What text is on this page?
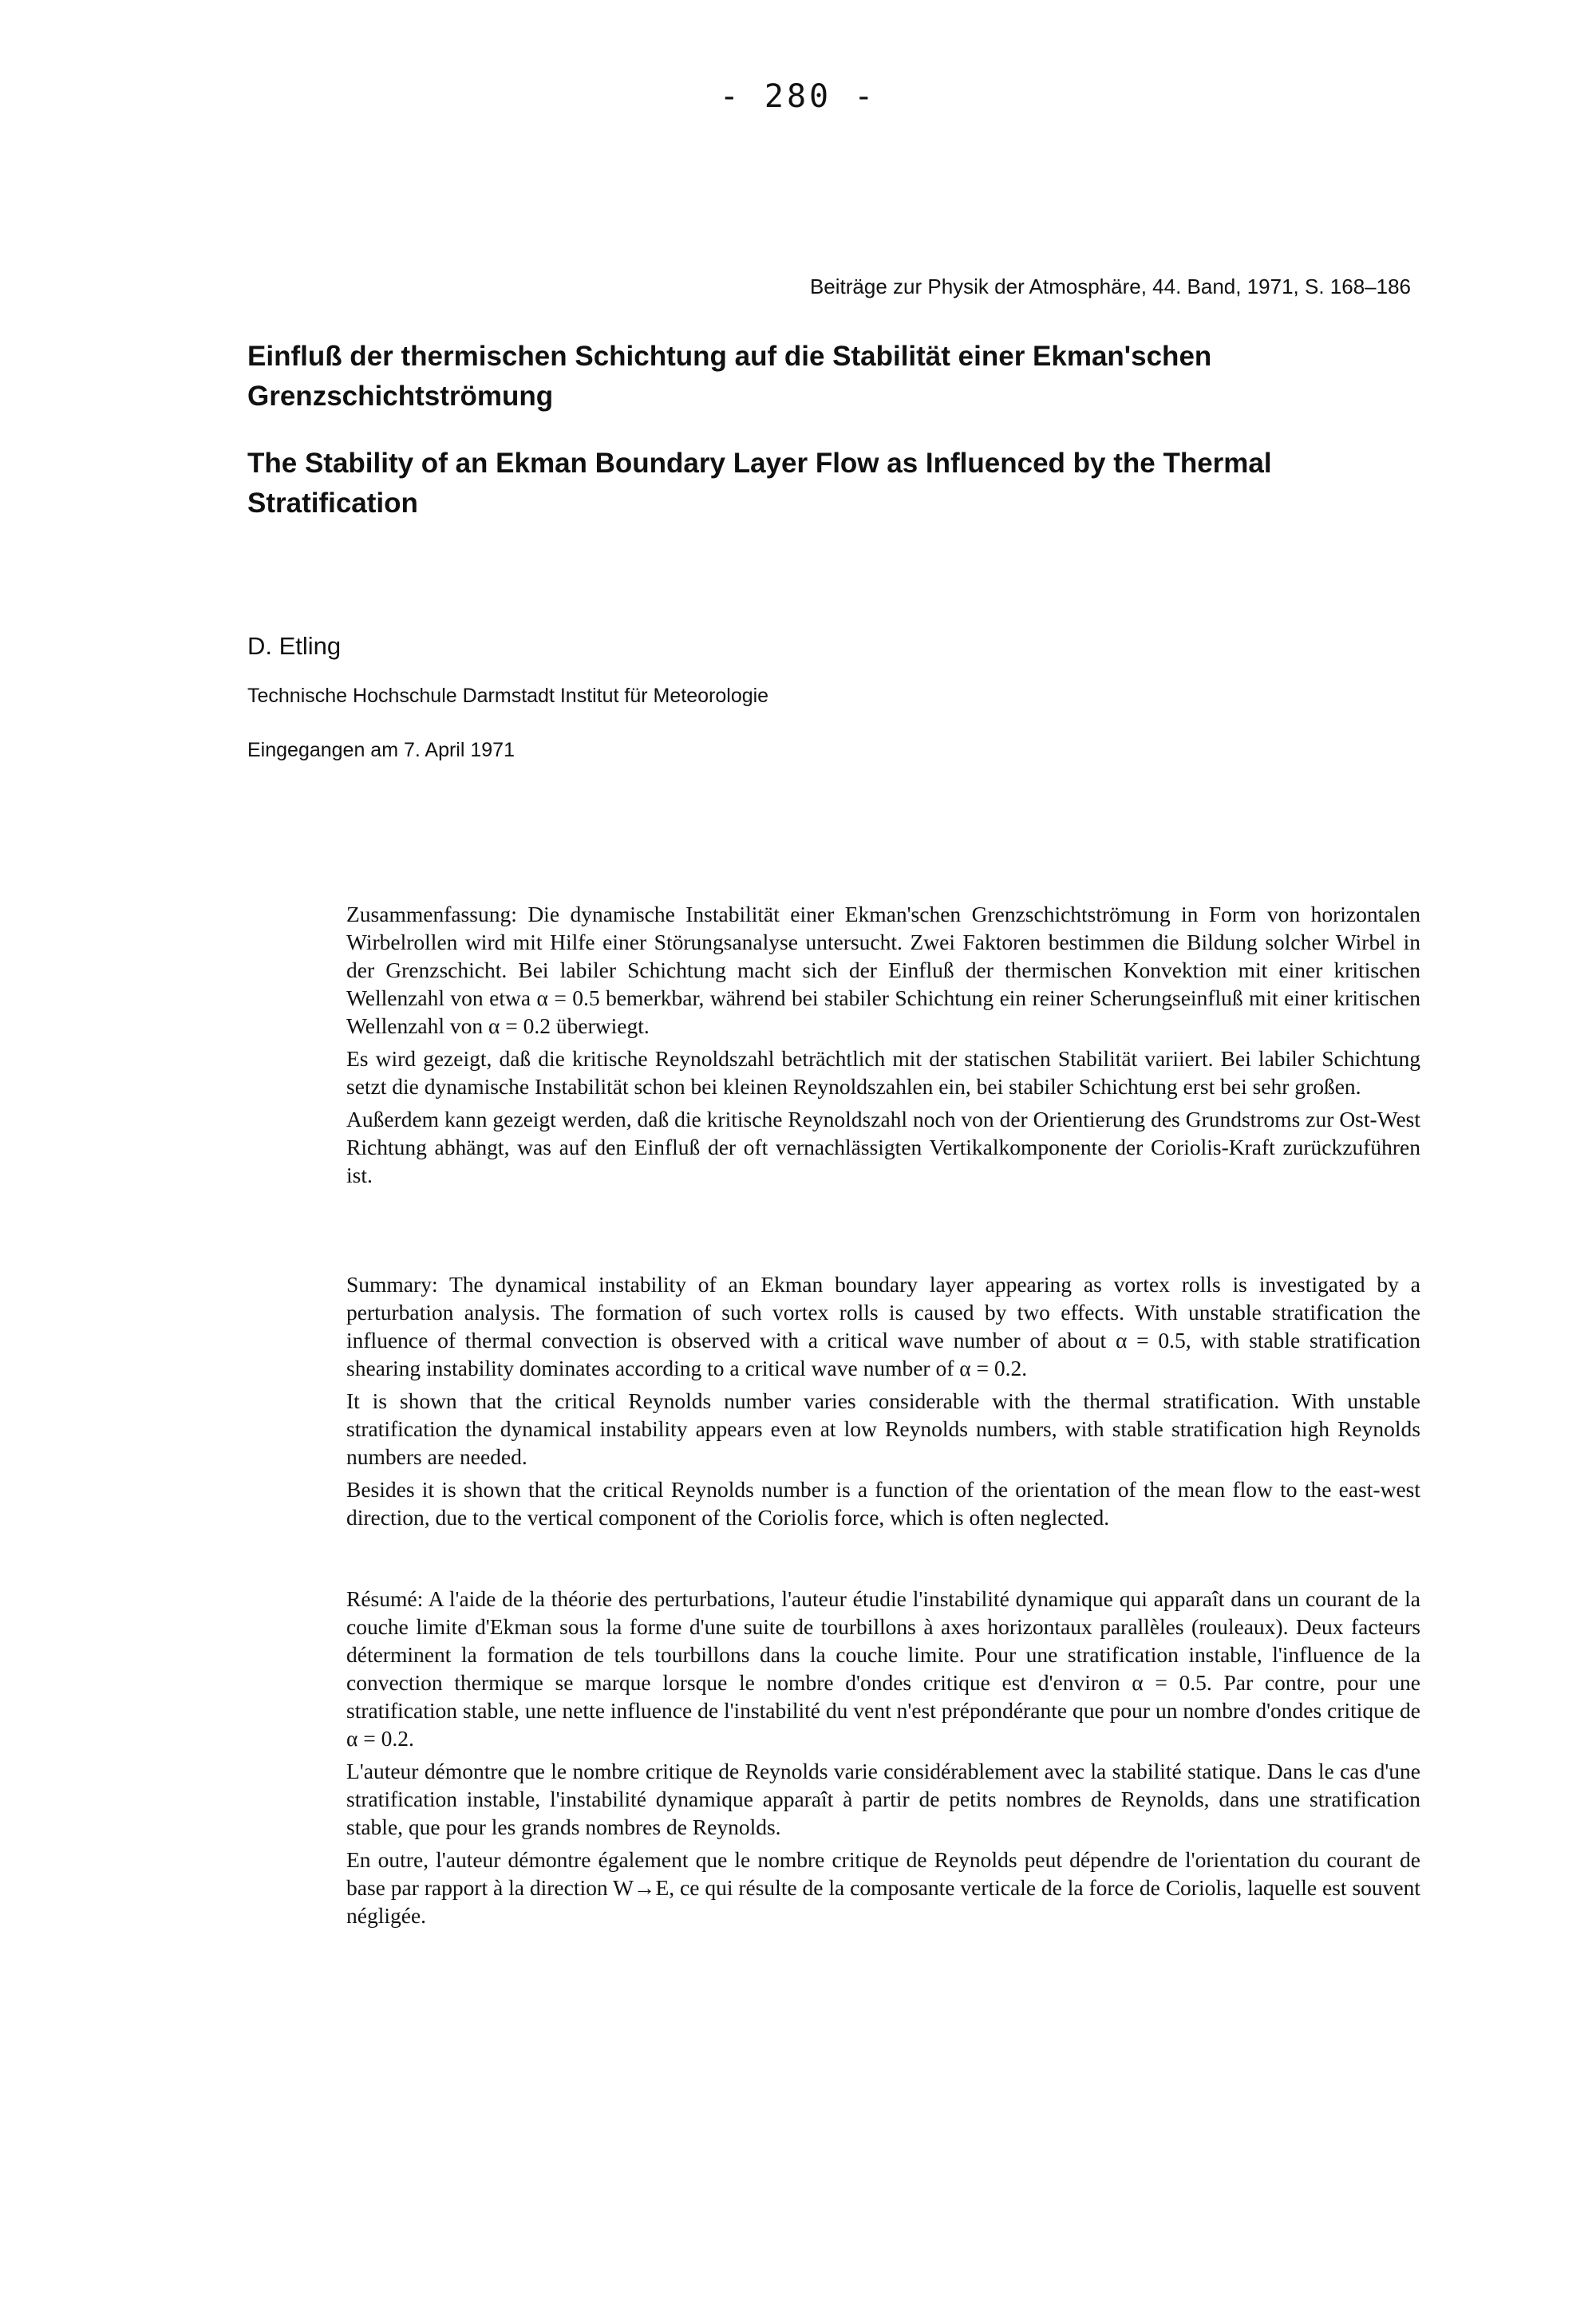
- 280 -
Beiträge zur Physik der Atmosphäre, 44. Band, 1971, S. 168–186
Einfluß der thermischen Schichtung auf die Stabilität einer Ekman'schen Grenzschichtströmung
The Stability of an Ekman Boundary Layer Flow as Influenced by the Thermal Stratification
D. Etling
Technische Hochschule Darmstadt Institut für Meteorologie
Eingegangen am 7. April 1971

Zusammenfassung: Die dynamische Instabilität einer Ekman'schen Grenzschichtströmung in Form von horizontalen Wirbelrollen wird mit Hilfe einer Störungsanalyse untersucht. Zwei Faktoren bestimmen die Bildung solcher Wirbel in der Grenzschicht. Bei labiler Schichtung macht sich der Einfluß der thermischen Konvektion mit einer kritischen Wellenzahl von etwa α = 0.5 bemerkbar, während bei stabiler Schichtung ein reiner Scherungseinfluß mit einer kritischen Wellenzahl von α = 0.2 überwiegt.

Es wird gezeigt, daß die kritische Reynoldszahl beträchtlich mit der statischen Stabilität variiert. Bei labiler Schichtung setzt die dynamische Instabilität schon bei kleinen Reynoldszahlen ein, bei stabiler Schichtung erst bei sehr großen.

Außerdem kann gezeigt werden, daß die kritische Reynoldszahl noch von der Orientierung des Grundstroms zur Ost-West Richtung abhängt, was auf den Einfluß der oft vernachlässigten Vertikalkomponente der Coriolis-Kraft zurückzuführen ist.

Summary: The dynamical instability of an Ekman boundary layer appearing as vortex rolls is investigated by a perturbation analysis. The formation of such vortex rolls is caused by two effects. With unstable stratification the influence of thermal convection is observed with a critical wave number of about α = 0.5, with stable stratification shearing instability dominates according to a critical wave number of α = 0.2.

It is shown that the critical Reynolds number varies considerable with the thermal stratification. With unstable stratification the dynamical instability appears even at low Reynolds numbers, with stable stratification high Reynolds numbers are needed.

Besides it is shown that the critical Reynolds number is a function of the orientation of the mean flow to the east-west direction, due to the vertical component of the Coriolis force, which is often neglected.

Résumé: A l'aide de la théorie des perturbations, l'auteur étudie l'instabilité dynamique qui apparaît dans un courant de la couche limite d'Ekman sous la forme d'une suite de tourbillons à axes horizontaux parallèles (rouleaux). Deux facteurs déterminent la formation de tels tourbillons dans la couche limite. Pour une stratification instable, l'influence de la convection thermique se marque lorsque le nombre d'ondes critique est d'environ α = 0.5. Par contre, pour une stratification stable, une nette influence de l'instabilité du vent n'est prépondérante que pour un nombre d'ondes critique de α = 0.2.

L'auteur démontre que le nombre critique de Reynolds varie considérablement avec la stabilité statique. Dans le cas d'une stratification instable, l'instabilité dynamique apparaît à partir de petits nombres de Reynolds, dans une stratification stable, que pour les grands nombres de Reynolds.

En outre, l'auteur démontre également que le nombre critique de Reynolds peut dépendre de l'orientation du courant de base par rapport à la direction W→E, ce qui résulte de la composante verticale de la force de Coriolis, laquelle est souvent négligée.
